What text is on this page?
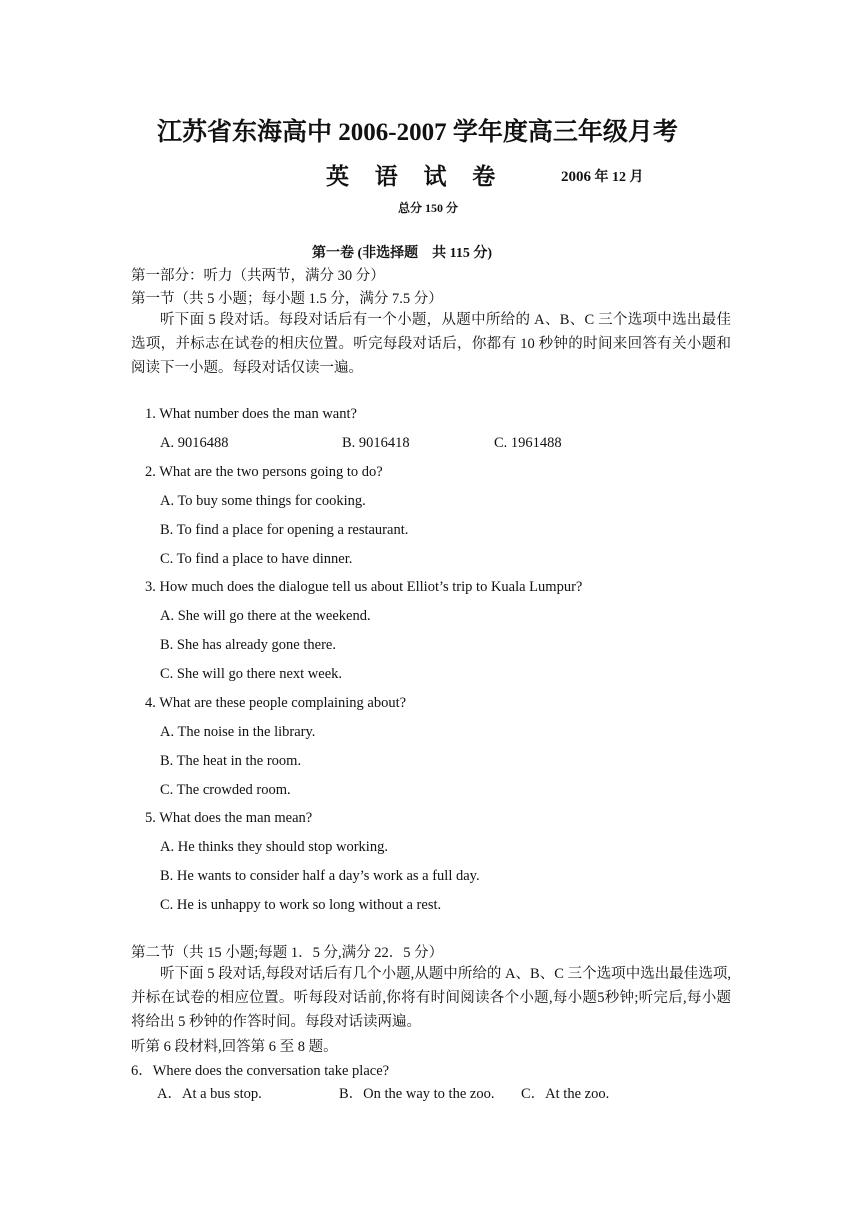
江苏省东海高中 2006-2007 学年度高三年级月考
英 语 试 卷	2006 年 12 月
总分 150 分
第一卷 (非选择题　共 115 分)
第一部分：听力（共两节，满分 30 分）
第一节（共 5 小题；每小题 1.5 分，满分 7.5 分）
听下面 5 段对话。每段对话后有一个小题，从题中所给的 A、B、C 三个选项中选出最佳选项，并标志在试卷的相庆位置。听完每段对话后，你都有 10 秒钟的时间来回答有关小题和阅读下一小题。每段对话仅读一遍。
1. What number does the man want?
A. 9016488	B. 9016418	C. 1961488
2. What are the two persons going to do?
A. To buy some things for cooking.
B. To find a place for opening a restaurant.
C. To find a place to have dinner.
3. How much does the dialogue tell us about Elliot’s trip to Kuala Lumpur?
A. She will go there at the weekend.
B. She has already gone there.
C. She will go there next week.
4. What are these people complaining about?
A. The noise in the library.
B. The heat in the room.
C. The crowded room.
5. What does the man mean?
A. He thinks they should stop working.
B. He wants to consider half a day’s work as a full day.
C. He is unhappy to work so long without a rest.
第二节（共 15 小题;每题 1．5 分,满分 22．5 分）
听下面 5 段对话,每段对话后有几个小题,从题中所给的 A、B、C 三个选项中选出最佳选项,并标在试卷的相应位置。听每段对话前,你将有时间阅读各个小题,每小题5秒钟;听完后,每小题将给出 5 秒钟的作答时间。每段对话读两遍。
听第 6 段材料,回答第 6 至 8 题。
6．Where does the conversation take place?
A．At a bus stop.	B．On the way to the zoo. C．At the zoo.
